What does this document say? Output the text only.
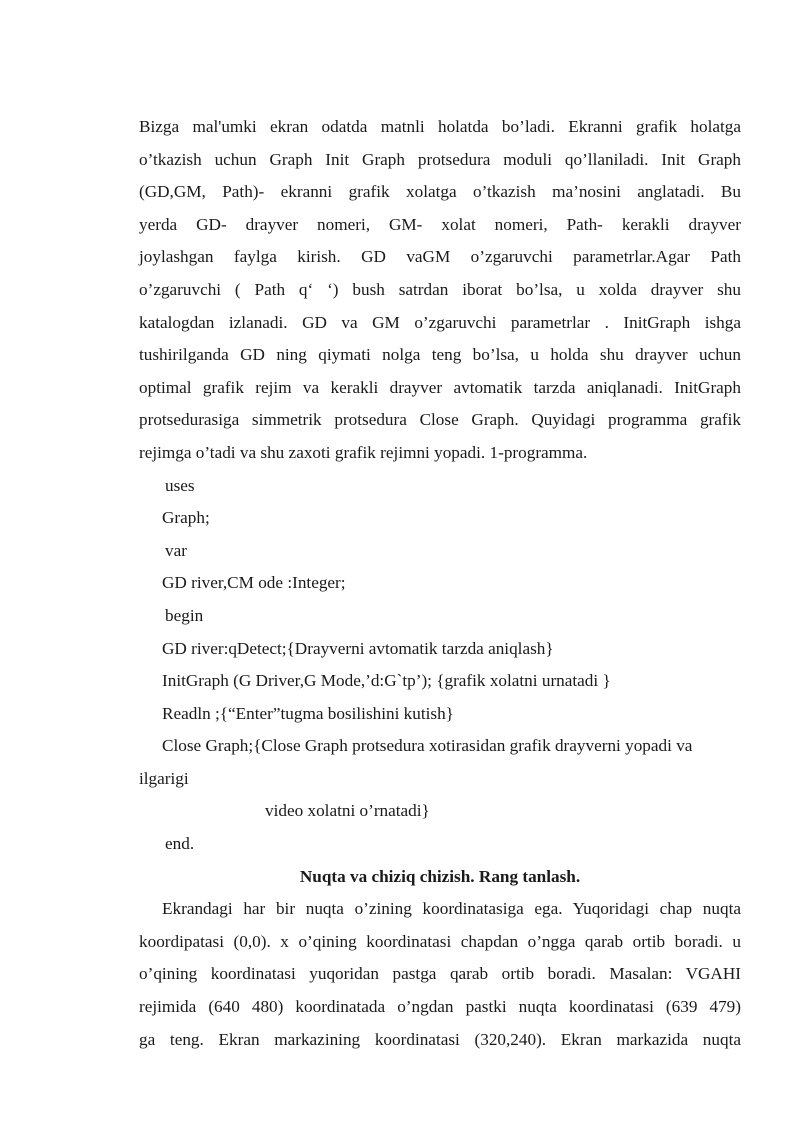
Bizga mal'umki ekran odatda matnli holatda bo’ladi. Ekranni grafik holatga
o’tkazish uchun Graph Init Graph protsedura moduli qo’llaniladi. Init Graph
(GD,GM, Path)- ekranni grafik xolatga o’tkazish ma’nosini anglatadi. Bu
yerda GD- drayver nomeri, GM- xolat nomeri, Path- kerakli drayver
joylashgan faylga kirish. GD vaGM o’zgaruvchi parametrlar.Agar Path
o’zgaruvchi ( Path q‘ ‘) bush satrdan iborat bo’lsa, u xolda drayver shu
katalogdan izlanadi. GD va GM o’zgaruvchi parametrlar . InitGraph ishga
tushirilganda GD ning qiymati nolga teng bo’lsa, u holda shu drayver uchun
optimal grafik rejim va kerakli drayver avtomatik tarzda aniqlanadi. InitGraph
protsedurasiga simmetrik protsedura Close Graph. Quyidagi programma grafik
rejimga o’tadi va shu zaxoti grafik rejimni yopadi. 1-programma.

uses
Graph;
var
GD river,CM ode :Integer;
begin
GD river:qDetect;{Drayverni avtomatik tarzda aniqlash}
InitGraph (G Driver,G Mode,’d:G`tp’); {grafik xolatni urnatadi }
Readln ;{“Enter”tugma bosilishini kutish}
Close Graph;{Close Graph protsedura xotirasidan grafik drayverni yopadi va
ilgarigi
video xolatni o’rnatadi}
end.
Nuqta va chiziq chizish. Rang tanlash.

Ekrandagi har bir nuqta o’zining koordinatasiga ega. Yuqoridagi chap nuqta
koordipatasi (0,0). x o’qining koordinatasi chapdan o’ngga qarab ortib boradi. u
o’qining koordinatasi yuqoridan pastga qarab ortib boradi. Masalan: VGAHI
rejimida (640 480) koordinatada o’ngdan pastki nuqta koordinatasi (639 479)
ga teng. Ekran markazining koordinatasi (320,240). Ekran markazida nuqta
